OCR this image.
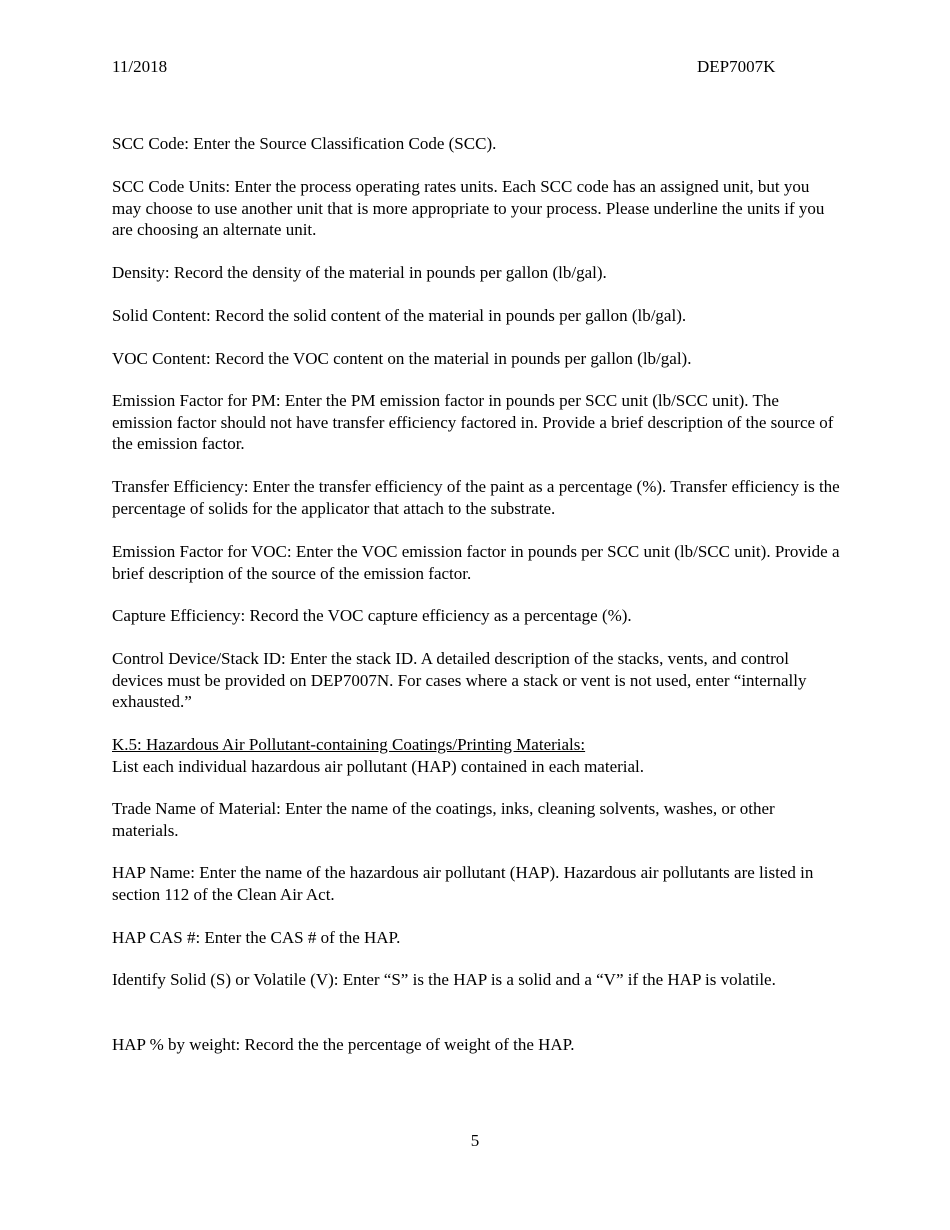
11/2018	DEP7007K

SCC Code: Enter the Source Classification Code (SCC).

SCC Code Units: Enter the process operating rates units. Each SCC code has an assigned unit, but you may choose to use another unit that is more appropriate to your process. Please underline the units if you are choosing an alternate unit.

Density: Record the density of the material in pounds per gallon (lb/gal).

Solid Content: Record the solid content of the material in pounds per gallon (lb/gal).

VOC Content: Record the VOC content on the material in pounds per gallon (lb/gal).

Emission Factor for PM: Enter the PM emission factor in pounds per SCC unit (lb/SCC unit). The emission factor should not have transfer efficiency factored in. Provide a brief description of the source of the emission factor.

Transfer Efficiency: Enter the transfer efficiency of the paint as a percentage (%). Transfer efficiency is the percentage of solids for the applicator that attach to the substrate.

Emission Factor for VOC: Enter the VOC emission factor in pounds per SCC unit (lb/SCC unit). Provide a brief description of the source of the emission factor.

Capture Efficiency: Record the VOC capture efficiency as a percentage (%).

Control Device/Stack ID: Enter the stack ID. A detailed description of the stacks, vents, and control devices must be provided on DEP7007N. For cases where a stack or vent is not used, enter “internally exhausted.”

K.5: Hazardous Air Pollutant-containing Coatings/Printing Materials:
List each individual hazardous air pollutant (HAP) contained in each material.

Trade Name of Material: Enter the name of the coatings, inks, cleaning solvents, washes, or other materials.

HAP Name: Enter the name of the hazardous air pollutant (HAP). Hazardous air pollutants are listed in section 112 of the Clean Air Act.

HAP CAS #: Enter the CAS # of the HAP.

Identify Solid (S) or Volatile (V): Enter “S” is the HAP is a solid and a “V” if the HAP is volatile.

HAP % by weight: Record the the percentage of weight of the HAP.

5
